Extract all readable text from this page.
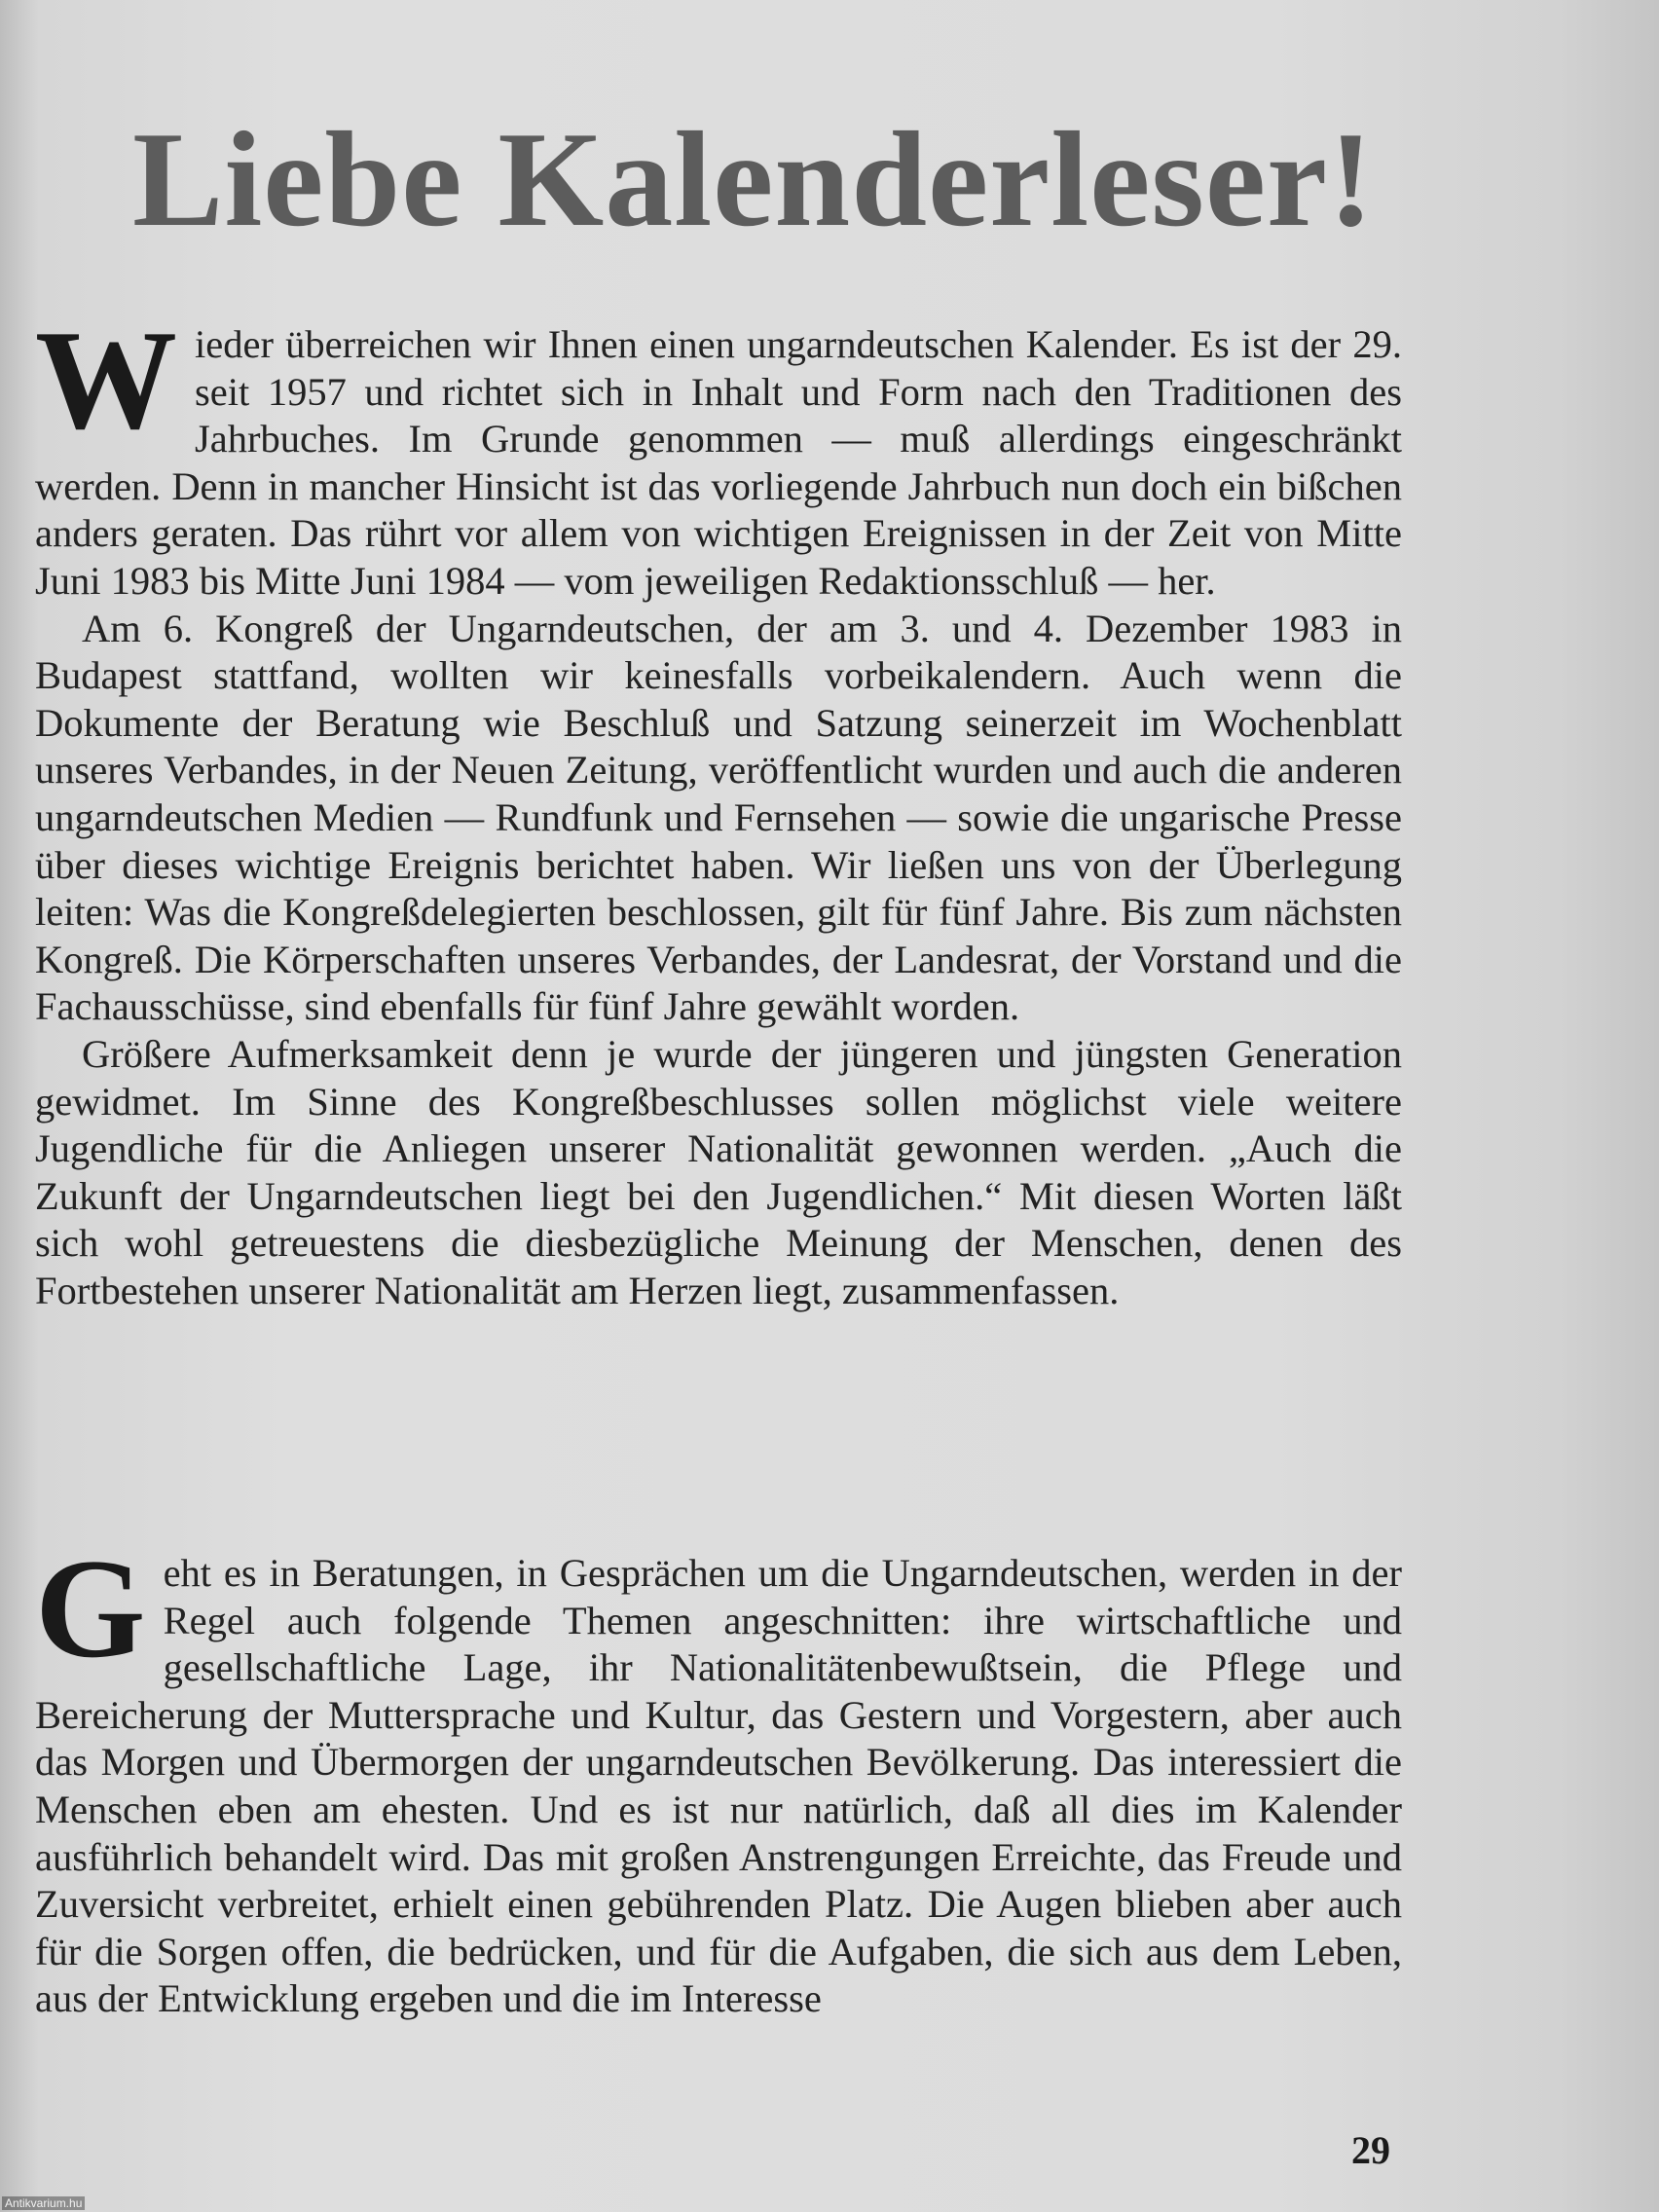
Liebe Kalenderleser!

Wieder überreichen wir Ihnen einen ungarndeutschen Kalender. Es ist der 29. seit 1957 und richtet sich in Inhalt und Form nach den Traditionen des Jahrbuches. Im Grunde genommen — muß allerdings eingeschränkt werden. Denn in mancher Hinsicht ist das vorliegende Jahrbuch nun doch ein bißchen anders geraten. Das rührt vor allem von wichtigen Ereignissen in der Zeit von Mitte Juni 1983 bis Mitte Juni 1984 — vom jeweiligen Redaktionsschluß — her.

Am 6. Kongreß der Ungarndeutschen, der am 3. und 4. Dezember 1983 in Budapest stattfand, wollten wir keinesfalls vorbeikalendern. Auch wenn die Dokumente der Beratung wie Beschluß und Satzung seinerzeit im Wochenblatt unseres Verbandes, in der Neuen Zeitung, veröffentlicht wurden und auch die anderen ungarndeutschen Medien — Rundfunk und Fernsehen — sowie die ungarische Presse über dieses wichtige Ereignis berichtet haben. Wir ließen uns von der Überlegung leiten: Was die Kongreßdelegierten beschlossen, gilt für fünf Jahre. Bis zum nächsten Kongreß. Die Körperschaften unseres Verbandes, der Landesrat, der Vorstand und die Fachausschüsse, sind ebenfalls für fünf Jahre gewählt worden.

Größere Aufmerksamkeit denn je wurde der jüngeren und jüngsten Generation gewidmet. Im Sinne des Kongreßbeschlusses sollen möglichst viele weitere Jugendliche für die Anliegen unserer Nationalität gewonnen werden. „Auch die Zukunft der Ungarndeutschen liegt bei den Jugendlichen.“ Mit diesen Worten läßt sich wohl getreuestens die diesbezügliche Meinung der Menschen, denen des Fortbestehen unserer Nationalität am Herzen liegt, zusammenfassen.

Geht es in Beratungen, in Gesprächen um die Ungarndeutschen, werden in der Regel auch folgende Themen angeschnitten: ihre wirtschaftliche und gesellschaftliche Lage, ihr Nationalitätenbewußtsein, die Pflege und Bereicherung der Muttersprache und Kultur, das Gestern und Vorgestern, aber auch das Morgen und Übermorgen der ungarndeutschen Bevölkerung. Das interessiert die Menschen eben am ehesten. Und es ist nur natürlich, daß all dies im Kalender ausführlich behandelt wird. Das mit großen Anstrengungen Erreichte, das Freude und Zuversicht verbreitet, erhielt einen gebührenden Platz. Die Augen blieben aber auch für die Sorgen offen, die bedrücken, und für die Aufgaben, die sich aus dem Leben, aus der Entwicklung ergeben und die im Interesse

29
Antikvarium.hu
